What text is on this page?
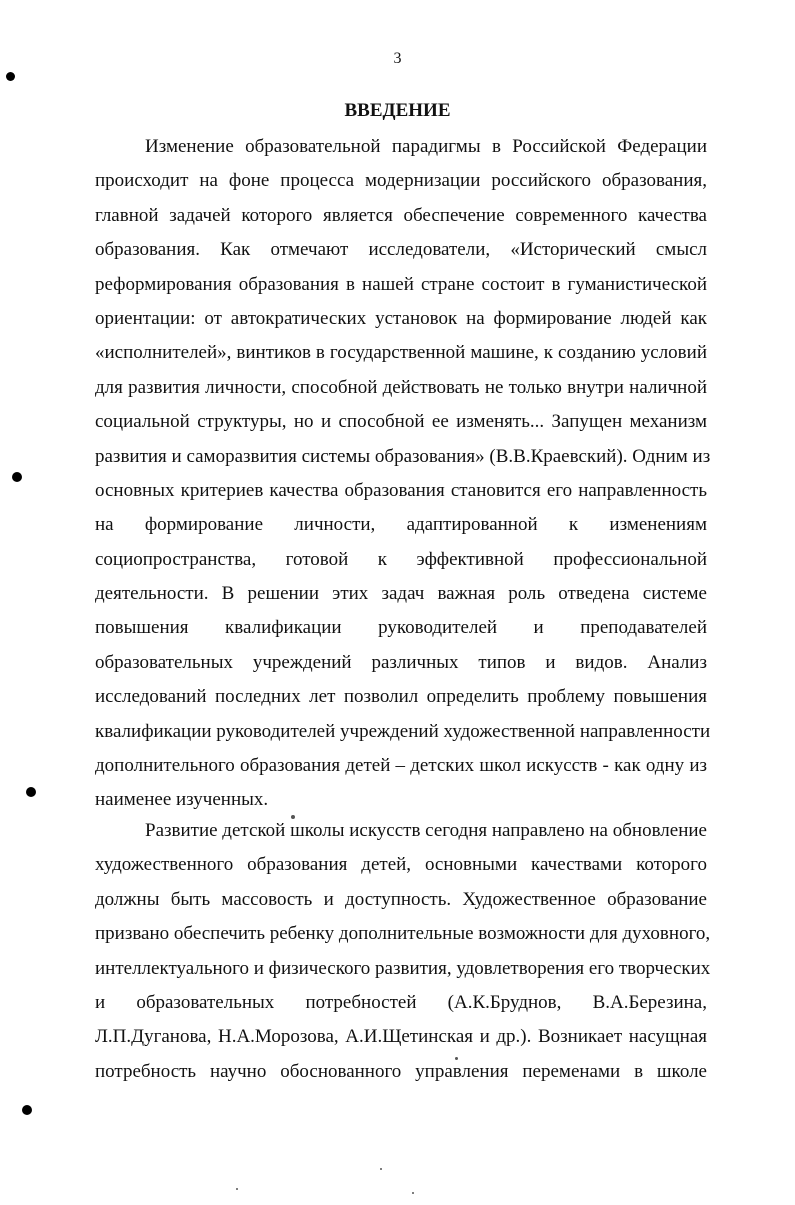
3
ВВЕДЕНИЕ
Изменение образовательной парадигмы в Российской Федерации
происходит на фоне процесса модернизации российского образования,
главной задачей которого является обеспечение современного качества
образования. Как отмечают исследователи, «Исторический смысл
реформирования образования в нашей стране состоит в гуманистической
ориентации: от автократических установок на формирование людей как
«исполнителей», винтиков в государственной машине, к созданию условий
для развития личности, способной действовать не только внутри наличной
социальной структуры, но и способной ее изменять... Запущен механизм
развития и саморазвития системы образования» (В.В.Краевский). Одним из
основных критериев качества образования становится его направленность
на формирование личности, адаптированной к изменениям
социопространства, готовой к эффективной профессиональной
деятельности. В решении этих задач важная роль отведена системе
повышения квалификации руководителей и преподавателей
образовательных учреждений различных типов и видов. Анализ
исследований последних лет позволил определить проблему повышения
квалификации руководителей учреждений художественной направленности
дополнительного образования детей – детских школ искусств - как одну из
наименее изученных.
Развитие детской школы искусств сегодня направлено на обновление
художественного образования детей, основными качествами которого
должны быть массовость и доступность. Художественное образование
призвано обеспечить ребенку дополнительные возможности для духовного,
интеллектуального и физического развития, удовлетворения его творческих
и образовательных потребностей (А.К.Бруднов, В.А.Березина,
Л.П.Дуганова, Н.А.Морозова, А.И.Щетинская и др.). Возникает насущная
потребность научно обоснованного управления переменами в школе
